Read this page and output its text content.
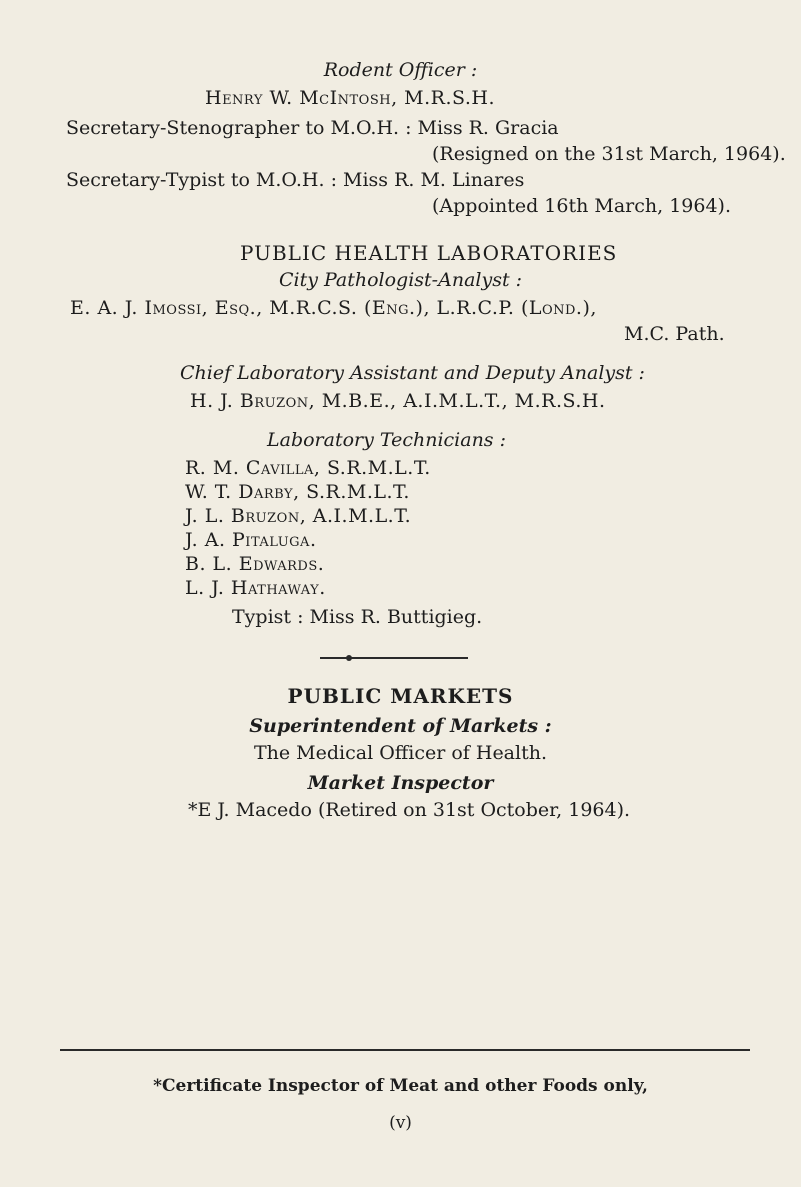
Rodent Officer :
Henry W. McIntosh, M.R.S.H.
Secretary-Stenographer to M.O.H. : Miss R. Gracia
(Resigned on the 31st March, 1964).
Secretary-Typist to M.O.H. : Miss R. M. Linares
(Appointed 16th March, 1964).
PUBLIC HEALTH LABORATORIES
City Pathologist-Analyst :
E. A. J. Imossi, Esq., M.R.C.S. (Eng.), L.R.C.P. (Lond.),
M.C. Path.
Chief Laboratory Assistant and Deputy Analyst :
H. J. Bruzon, M.B.E., A.I.M.L.T., M.R.S.H.
Laboratory Technicians :
R. M. Cavilla, S.R.M.L.T.
W. T. Darby, S.R.M.L.T.
J. L. Bruzon, A.I.M.L.T.
J. A. Pitaluga.
B. L. Edwards.
L. J. Hathaway.
Typist : Miss R. Buttigieg.
PUBLIC MARKETS
Superintendent of Markets :
The Medical Officer of Health.
Market Inspector
*E J. Macedo (Retired on 31st October, 1964).
*Certificate Inspector of Meat and other Foods only,
(v)
